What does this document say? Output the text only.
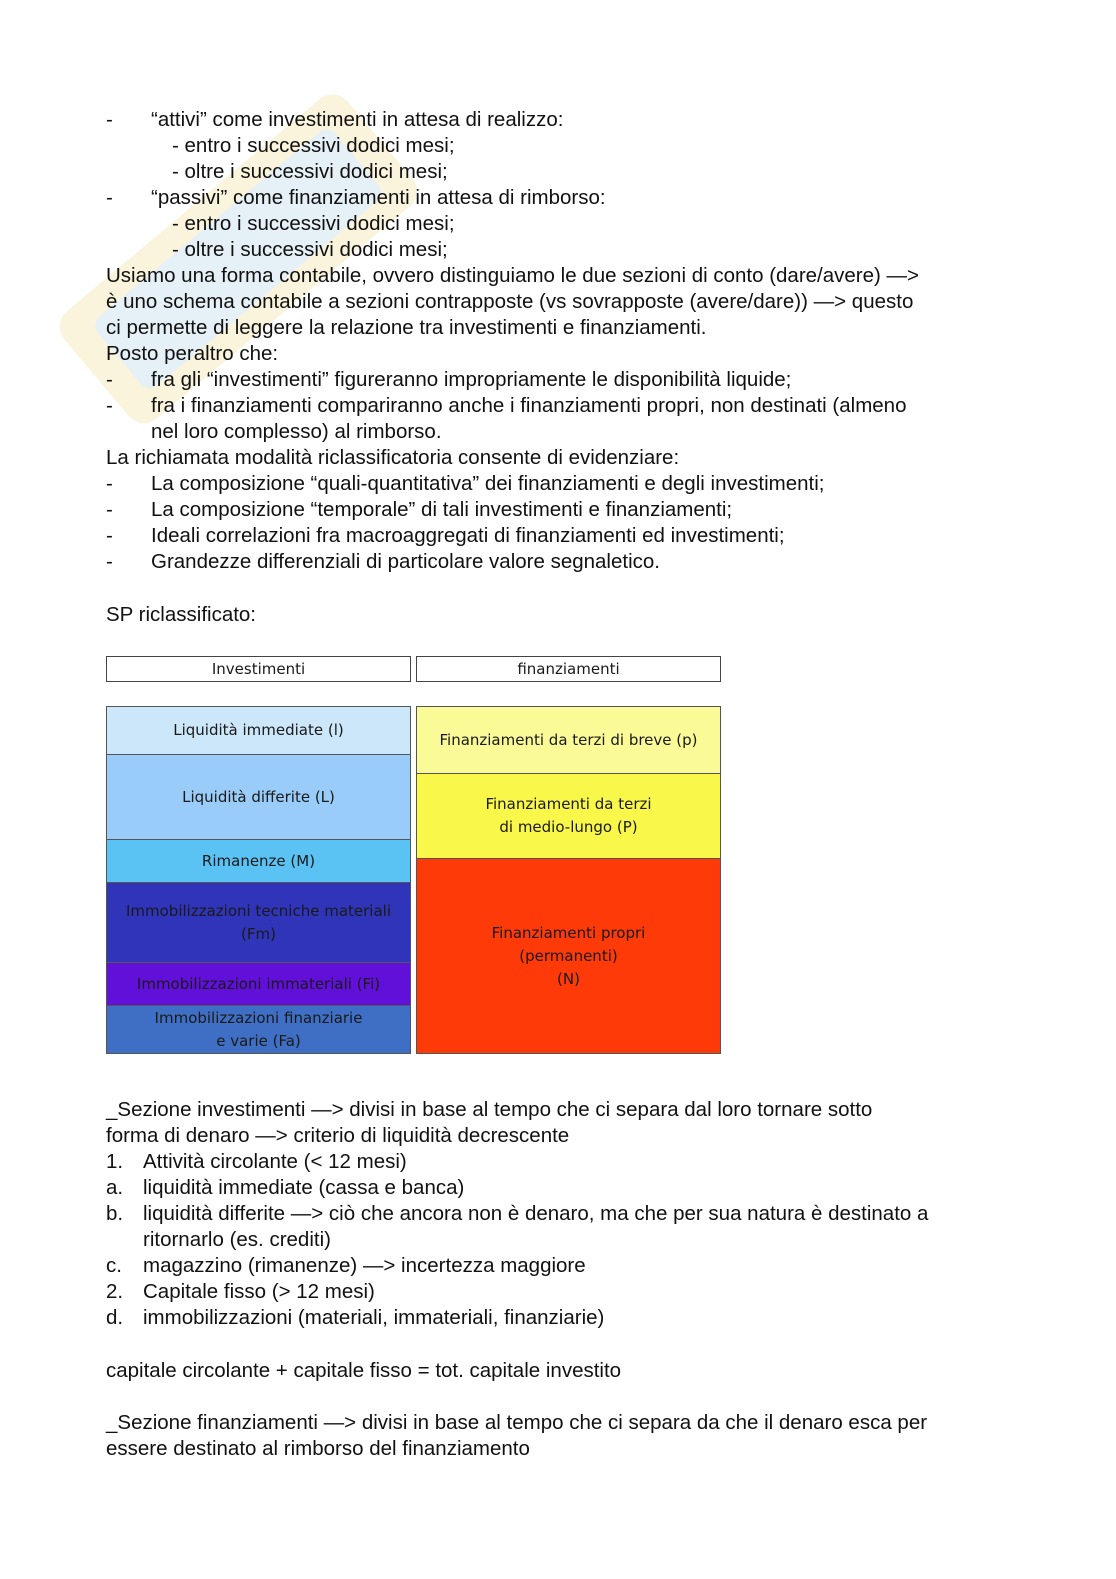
- “attivi” come investimenti in attesa di realizzo:
- entro i successivi dodici mesi;
- oltre i successivi dodici mesi;
- “passivi” come finanziamenti in attesa di rimborso:
- entro i successivi dodici mesi;
- oltre i successivi dodici mesi;
Usiamo una forma contabile, ovvero distinguiamo le due sezioni di conto (dare/avere) —>
è uno schema contabile a sezioni contrapposte (vs sovrapposte (avere/dare)) —> questo
ci permette di leggere la relazione tra investimenti e finanziamenti.
Posto peraltro che:
- fra gli “investimenti” figureranno impropriamente le disponibilità liquide;
- fra i finanziamenti compariranno anche i finanziamenti propri, non destinati (almeno
nel loro complesso) al rimborso.
La richiamata modalità riclassificatoria consente di evidenziare:
- La composizione “quali-quantitativa” dei finanziamenti e degli investimenti;
- La composizione “temporale” di tali investimenti e finanziamenti;
- Ideali correlazioni fra macroaggregati di finanziamenti ed investimenti;
- Grandezze differenziali di particolare valore segnaletico.
SP riclassificato:
Investimenti	finanziamenti
Liquidità immediate (l)
Liquidità differite (L)
Rimanenze (M)
Immobilizzazioni tecniche materiali
(Fm)
Immobilizzazioni immateriali (Fi)
Immobilizzazioni finanziarie
e varie (Fa)
Finanziamenti da terzi di breve (p)
Finanziamenti da terzi
di medio-lungo (P)
Finanziamenti propri
(permanenti)
(N)
_Sezione investimenti —> divisi in base al tempo che ci separa dal loro tornare sotto
forma di denaro —> criterio di liquidità decrescente
1. Attività circolante (< 12 mesi)
a. liquidità immediate (cassa e banca)
b. liquidità differite —> ciò che ancora non è denaro, ma che per sua natura è destinato a
ritornarlo (es. crediti)
c. magazzino (rimanenze) —> incertezza maggiore
2. Capitale fisso (> 12 mesi)
d. immobilizzazioni (materiali, immateriali, finanziarie)
capitale circolante + capitale fisso = tot. capitale investito
_Sezione finanziamenti —> divisi in base al tempo che ci separa da che il denaro esca per
essere destinato al rimborso del finanziamento
